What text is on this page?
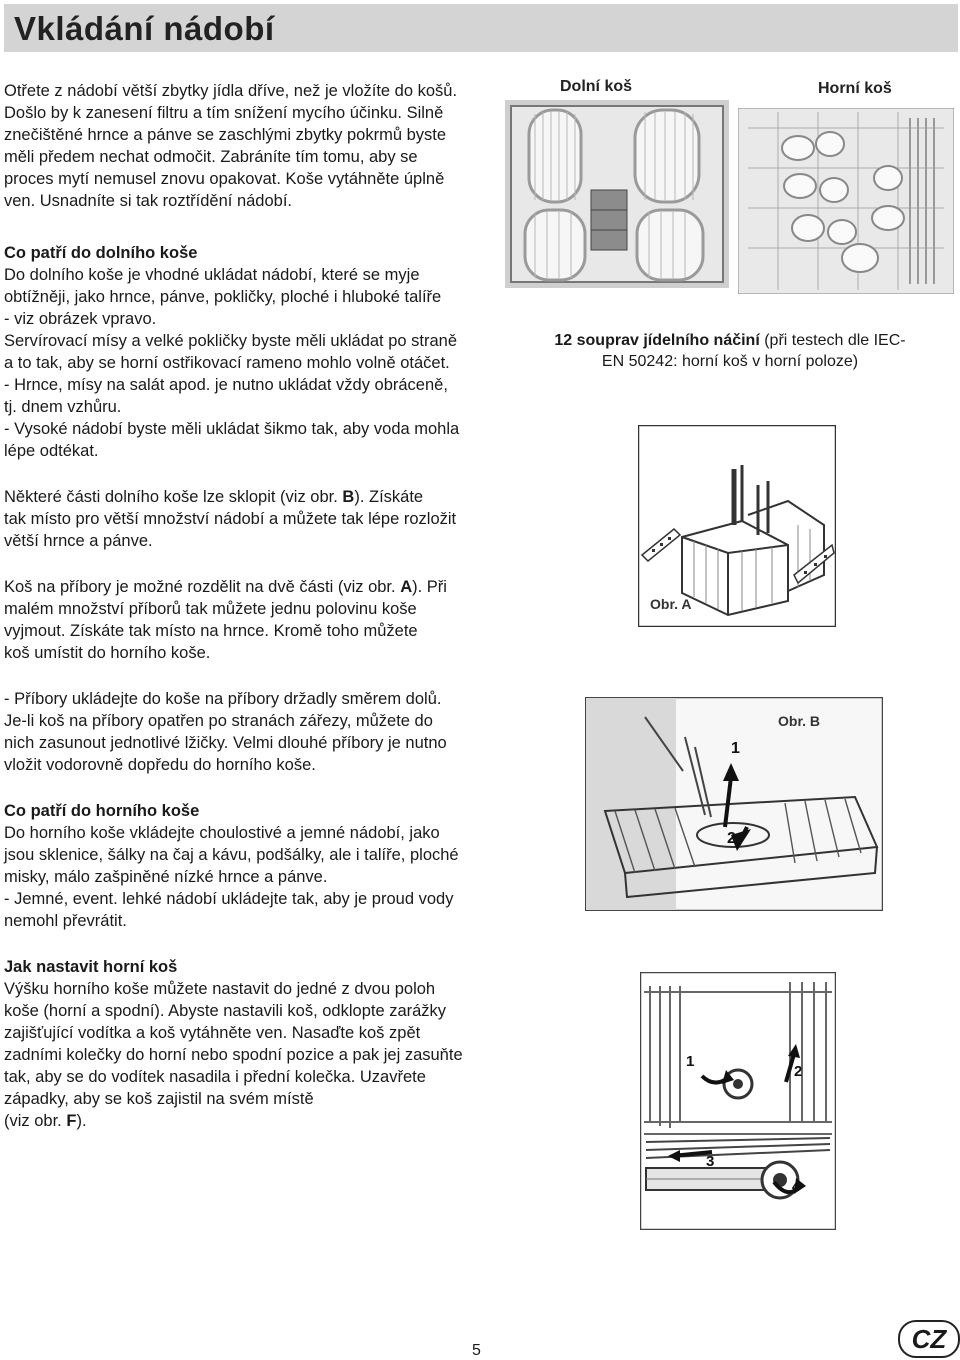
Vkládání nádobí

Otřete z nádobí větší zbytky jídla dříve, než je vložíte do košů.

Došlo by k zanesení filtru a tím snížení mycího účinku. Silně

znečištěné hrnce a pánve se zaschlými zbytky pokrmů byste

měli předem nechat odmočit. Zabráníte tím tomu, aby se

proces mytí nemusel znovu opakovat. Koše vytáhněte úplně

ven. Usnadníte si tak roztřídění nádobí.

Co patří do dolního koše

Do dolního koše je vhodné ukládat nádobí, které se myje

obtížněji, jako hrnce, pánve, pokličky, ploché i hluboké talíře

- viz obrázek vpravo.

Servírovací mísy a velké pokličky byste měli ukládat po straně

a to tak, aby se horní ostřikovací rameno mohlo volně otáčet.

- Hrnce, mísy na salát apod. je nutno ukládat vždy obráceně,

tj. dnem vzhůru.

- Vysoké nádobí byste měli ukládat šikmo tak, aby voda mohla

lépe odtékat.

Některé části dolního koše lze sklopit (viz obr. B). Získáte

tak místo pro větší množství nádobí a můžete tak lépe rozložit

větší hrnce a pánve.

Koš na příbory je možné rozdělit na dvě části (viz obr. A). Při

malém množství příborů tak můžete jednu polovinu koše

vyjmout. Získáte tak místo na hrnce. Kromě toho můžete

koš umístit do horního koše.

- Příbory ukládejte do koše na příbory držadly směrem dolů.

Je-li koš na příbory opatřen po stranách zářezy, můžete do

nich zasunout jednotlivé lžičky. Velmi dlouhé příbory je nutno

vložit vodorovně dopředu do horního koše.

Co patří do horního koše

Do horního koše vkládejte choulostivé a jemné nádobí, jako

jsou sklenice, šálky na čaj a kávu, podšálky, ale i talíře, ploché

misky, málo zašpiněné nízké hrnce a pánve.

- Jemné, event. lehké nádobí ukládejte tak, aby je proud vody

nemohl převrátit.

Jak nastavit horní koš

Výšku horního koše můžete nastavit do jedné z dvou poloh

koše (horní a spodní). Abyste nastavili koš, odklopte zarážky

zajišťující vodítka a koš vytáhněte ven. Nasaďte koš zpět

zadními kolečky do horní nebo spodní pozice a pak jej zasuňte

tak, aby se do vodítek nasadila i přední kolečka. Uzavřete

západky, aby se koš zajistil na svém místě

(viz obr. F).

Dolní koš	Horní koš
12 souprav jídelního náčiní (při testech dle IEC-
EN 50242: horní koš v horní poloze)
Obr. A
1
2
Obr. B
1
2
3
4
5	CZ
